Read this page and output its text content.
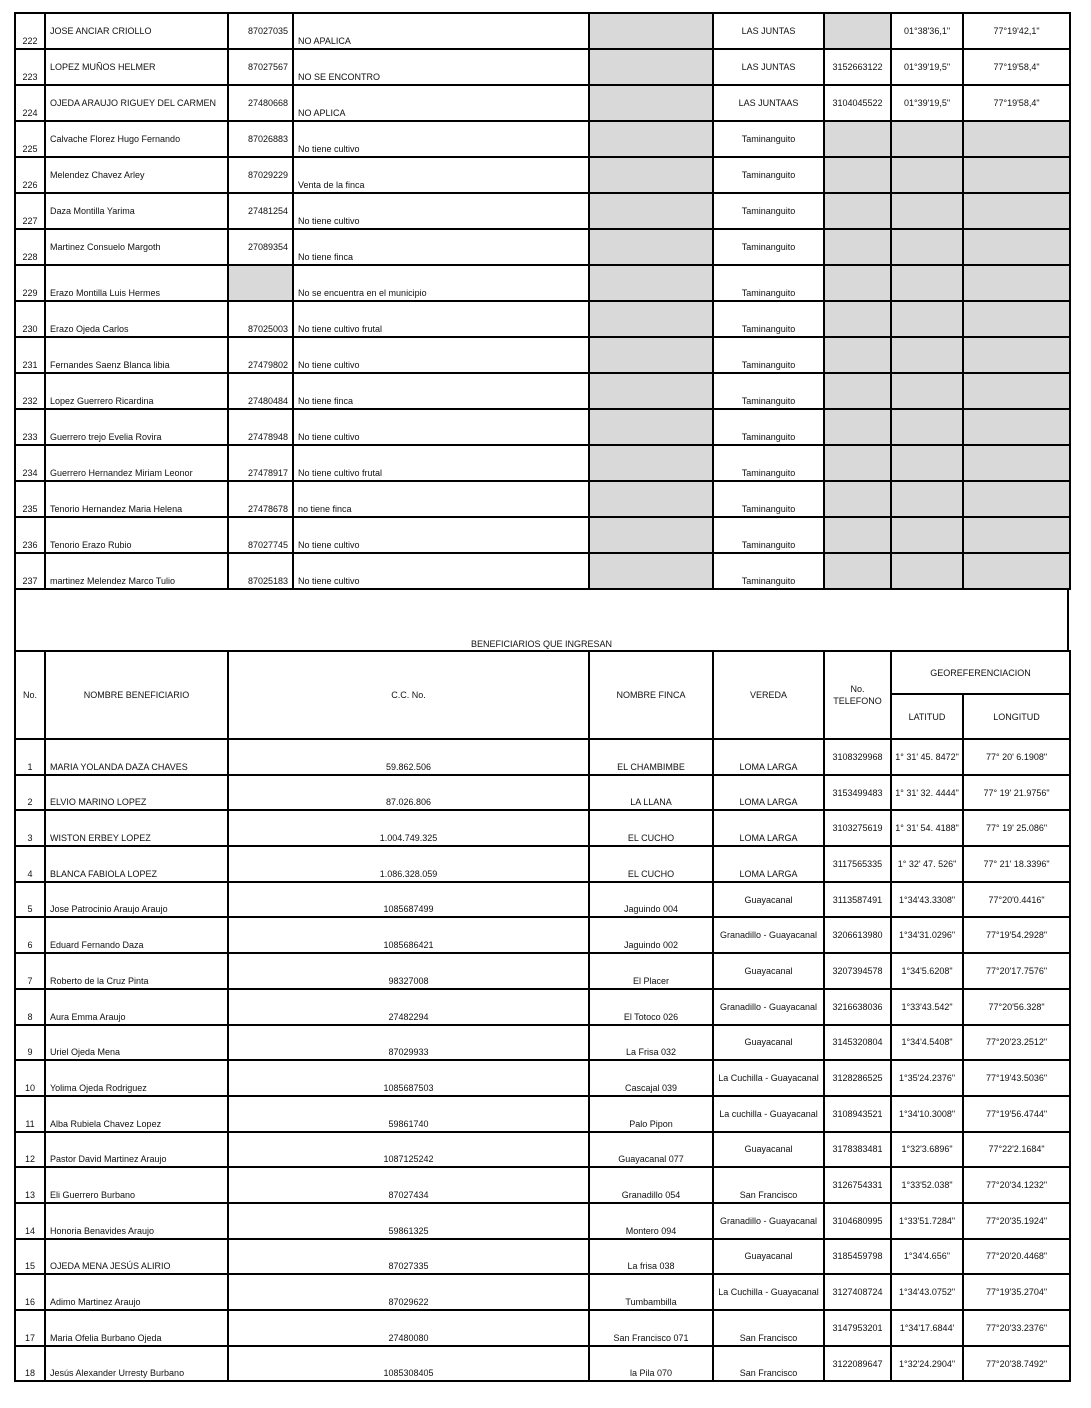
222	JOSE ANCIAR CRIOLLO	87027035	NO APALICA		LAS JUNTAS		01°38'36,1"	77°19'42,1"
223	LOPEZ MUÑOS HELMER	87027567	NO SE ENCONTRO		LAS JUNTAS	3152663122	01°39'19,5"	77°19'58,4"
224	OJEDA ARAUJO RIGUEY DEL CARMEN	27480668	NO APLICA		LAS JUNTAAS	3104045522	01°39'19,5"	77°19'58,4"
225	Calvache Florez Hugo Fernando	87026883	No tiene cultivo		Taminanguito			
226	Melendez Chavez Arley	87029229	Venta de la finca		Taminanguito			
227	Daza Montilla Yarima	27481254	No tiene cultivo		Taminanguito			
228	Martinez Consuelo Margoth	27089354	No tiene finca		Taminanguito			
229	Erazo Montilla Luis Hermes		No se encuentra en el municipio		Taminanguito			
230	Erazo Ojeda Carlos	87025003	No tiene cultivo frutal		Taminanguito			
231	Fernandes Saenz Blanca libia	27479802	No tiene cultivo		Taminanguito			
232	Lopez Guerrero Ricardina	27480484	No tiene finca		Taminanguito			
233	Guerrero trejo Evelia Rovira	27478948	No tiene cultivo		Taminanguito			
234	Guerrero Hernandez Miriam Leonor	27478917	No tiene cultivo frutal		Taminanguito			
235	Tenorio Hernandez Maria Helena	27478678	no tiene finca		Taminanguito			
236	Tenorio Erazo Rubio	87027745	No tiene cultivo		Taminanguito			
237	martinez Melendez Marco Tulio	87025183	No tiene cultivo		Taminanguito			
BENEFICIARIOS QUE INGRESAN
No.	NOMBRE BENEFICIARIO	C.C. No.	NOMBRE FINCA	VEREDA	No. TELEFONO	GEOREFERENCIACION	
						LATITUD	LONGITUD
1	MARIA YOLANDA DAZA CHAVES	59.862.506	EL CHAMBIMBE	LOMA LARGA	3108329968	1° 31' 45. 8472"	77° 20' 6.1908"
2	ELVIO MARINO LOPEZ	87.026.806	LA LLANA	LOMA LARGA	3153499483	1° 31' 32. 4444"	77° 19' 21.9756"
3	WISTON ERBEY LOPEZ	1.004.749.325	EL CUCHO	LOMA LARGA	3103275619	1° 31' 54. 4188"	77° 19' 25.086"
4	BLANCA FABIOLA LOPEZ	1.086.328.059	EL CUCHO	LOMA LARGA	3117565335	1° 32' 47. 526"	77° 21' 18.3396"
5	Jose Patrocinio Araujo Araujo	1085687499	Jaguindo 004	Guayacanal	3113587491	1°34'43.3308"	77°20'0.4416"
6	Eduard Fernando Daza	1085686421	Jaguindo 002	Granadillo - Guayacanal	3206613980	1°34'31.0296"	77°19'54.2928"
7	Roberto de la Cruz Pinta	98327008	El Placer	Guayacanal	3207394578	1°34'5.6208"	77°20'17.7576"
8	Aura Emma Araujo	27482294	El Totoco 026	Granadillo - Guayacanal	3216638036	1°33'43.542"	77°20'56.328"
9	Uriel Ojeda Mena	87029933	La Frisa 032	Guayacanal	3145320804	1°34'4.5408"	77°20'23.2512"
10	Yolima Ojeda Rodriguez	1085687503	Cascajal 039	La Cuchilla - Guayacanal	3128286525	1°35'24.2376"	77°19'43.5036"
11	Alba Rubiela Chavez Lopez	59861740	Palo Pipon	La cuchilla - Guayacanal	3108943521	1°34'10.3008"	77°19'56.4744"
12	Pastor David Martinez Araujo	1087125242	Guayacanal 077	Guayacanal	3178383481	1°32'3.6896"	77°22'2.1684"
13	Eli Guerrero Burbano	87027434	Granadillo 054	San Francisco	3126754331	1°33'52.038"	77°20'34.1232"
14	Honoria Benavides Araujo	59861325	Montero 094	Granadillo - Guayacanal	3104680995	1°33'51.7284"	77°20'35.1924"
15	OJEDA MENA JESÚS ALIRIO	87027335	La frisa 038	Guayacanal	3185459798	1°34'4.656''	77°20'20.4468"
16	Adimo Martinez Araujo	87029622	Tumbambilla	La Cuchilla - Guayacanal	3127408724	1°34'43.0752"	77°19'35.2704"
17	Maria Ofelia Burbano Ojeda	27480080	San Francisco 071	San Francisco	3147953201	1°34'17.6844'	77°20'33.2376"
18	Jesús Alexander Urresty Burbano	1085308405	la Pila 070	San Francisco	3122089647	1°32'24.2904"	77°20'38.7492"
